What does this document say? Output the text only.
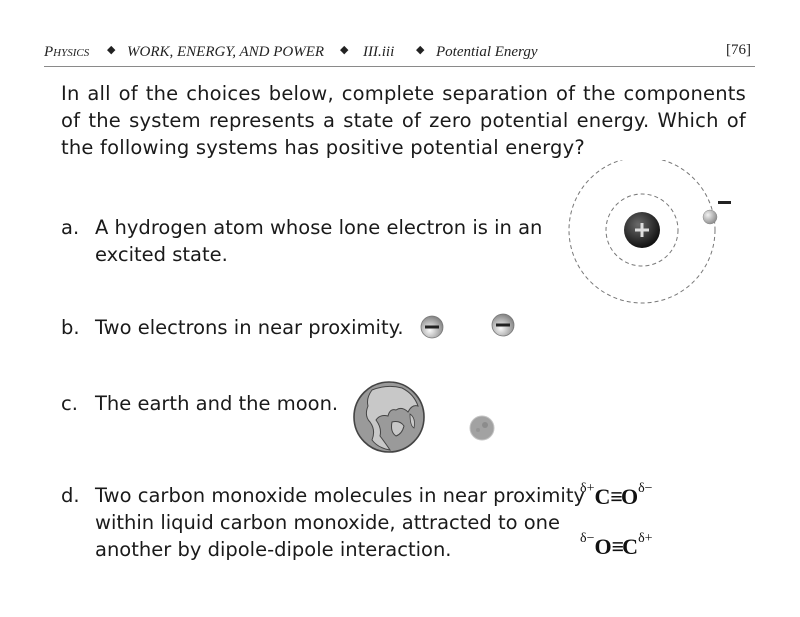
Physics ◆ WORK, ENERGY, AND POWER ◆ III.iii ◆ Potential Energy	[76]
In all of the choices below, complete separation of the components of the system represents a state of zero potential energy. Which of the following systems has positive potential energy?
a. A hydrogen atom whose lone electron is in an
excited state.
b. Two electrons in near proximity.
c. The earth and the moon.
d. Two carbon monoxide molecules in near proximity
within liquid carbon monoxide, attracted to one
another by dipole-dipole interaction.
$^{\delta+}C\equiv O^{\delta-}$
$^{\delta-}O\equiv C^{\delta+}$
